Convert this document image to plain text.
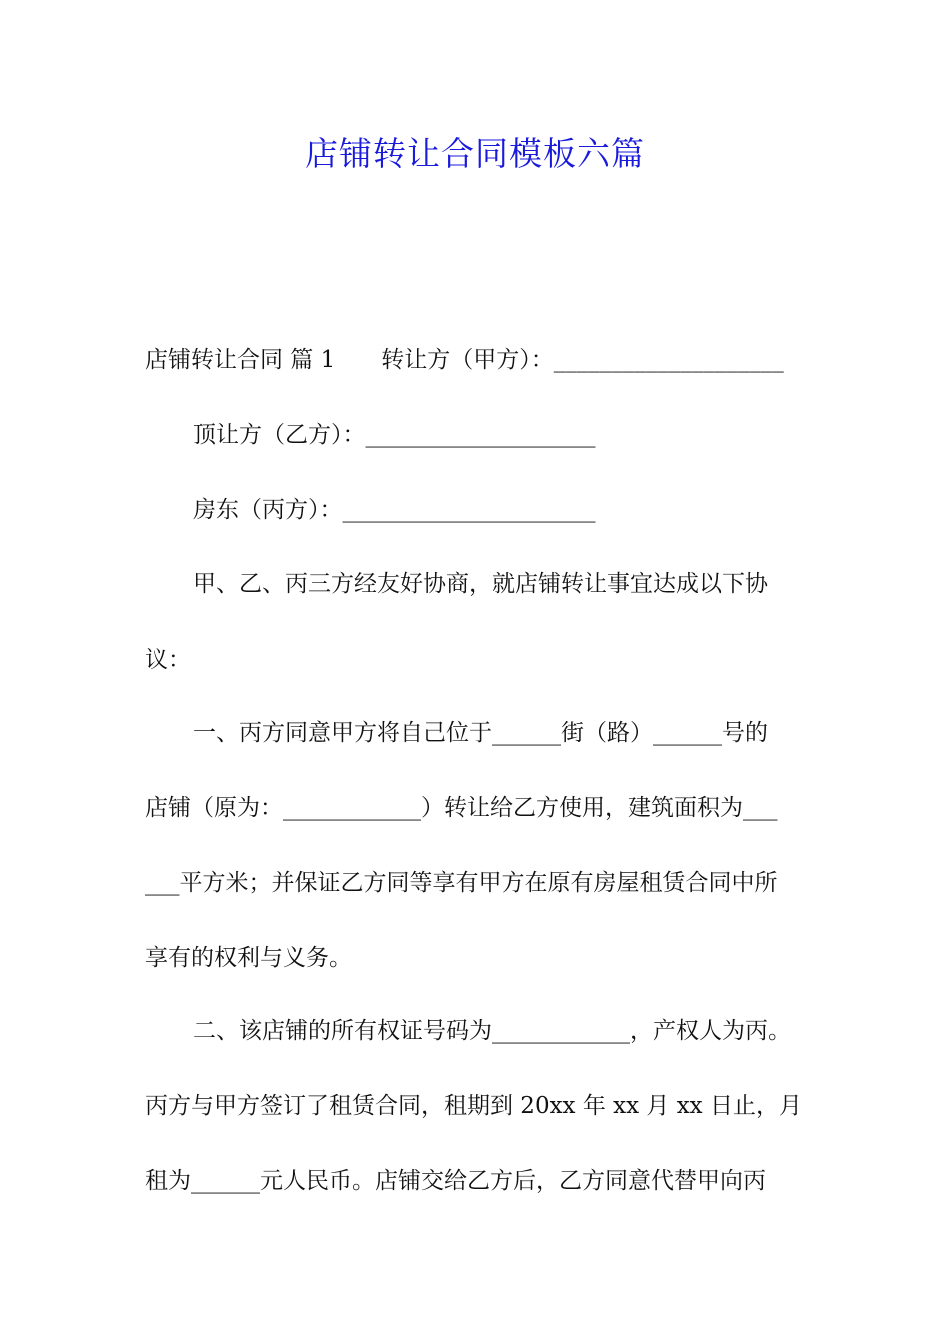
店铺转让合同模板六篇
店铺转让合同 篇 1 转让方（甲方）：____________________
顶让方（乙方）：____________________
房东（丙方）：______________________
甲、乙、丙三方经友好协商，就店铺转让事宜达成以下协
议：
一、丙方同意甲方将自己位于______街（路）______号的
店铺（原为：____________）转让给乙方使用，建筑面积为___
___平方米；并保证乙方同等享有甲方在原有房屋租赁合同中所
享有的权利与义务。
二、该店铺的所有权证号码为____________，产权人为丙。
丙方与甲方签订了租赁合同，租期到 20xx 年 xx 月 xx 日止，月
租为______元人民币。店铺交给乙方后，乙方同意代替甲向丙
